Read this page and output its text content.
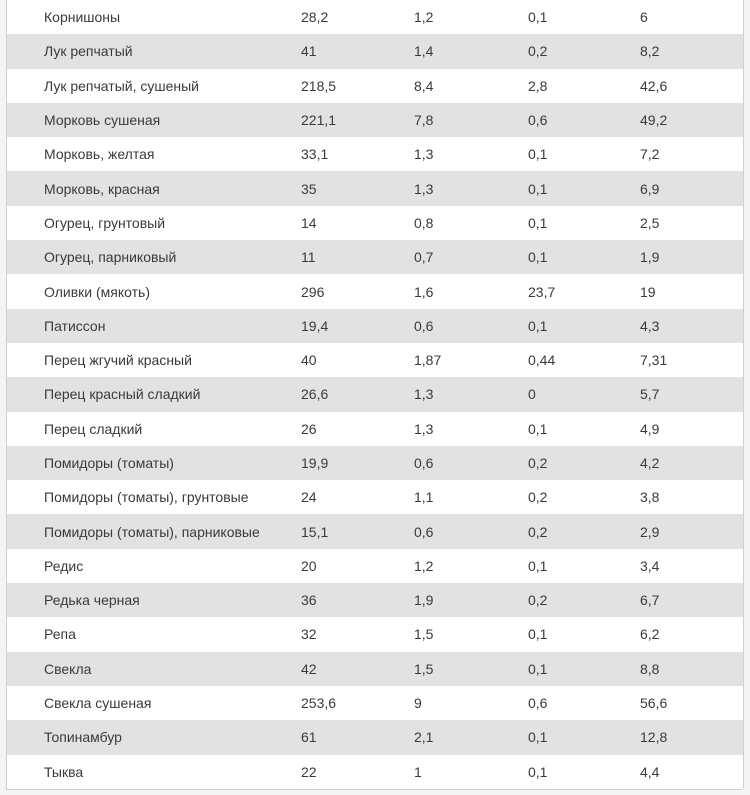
Корнишоны	28,2	1,2	0,1	6
Лук репчатый	41	1,4	0,2	8,2
Лук репчатый, сушеный	218,5	8,4	2,8	42,6
Морковь сушеная	221,1	7,8	0,6	49,2
Морковь, желтая	33,1	1,3	0,1	7,2
Морковь, красная	35	1,3	0,1	6,9
Огурец, грунтовый	14	0,8	0,1	2,5
Огурец, парниковый	11	0,7	0,1	1,9
Оливки (мякоть)	296	1,6	23,7	19
Патиссон	19,4	0,6	0,1	4,3
Перец жгучий красный	40	1,87	0,44	7,31
Перец красный сладкий	26,6	1,3	0	5,7
Перец сладкий	26	1,3	0,1	4,9
Помидоры (томаты)	19,9	0,6	0,2	4,2
Помидоры (томаты), грунтовые	24	1,1	0,2	3,8
Помидоры (томаты), парниковые	15,1	0,6	0,2	2,9
Редис	20	1,2	0,1	3,4
Редька черная	36	1,9	0,2	6,7
Репа	32	1,5	0,1	6,2
Свекла	42	1,5	0,1	8,8
Свекла сушеная	253,6	9	0,6	56,6
Топинамбур	61	2,1	0,1	12,8
Тыква	22	1	0,1	4,4
